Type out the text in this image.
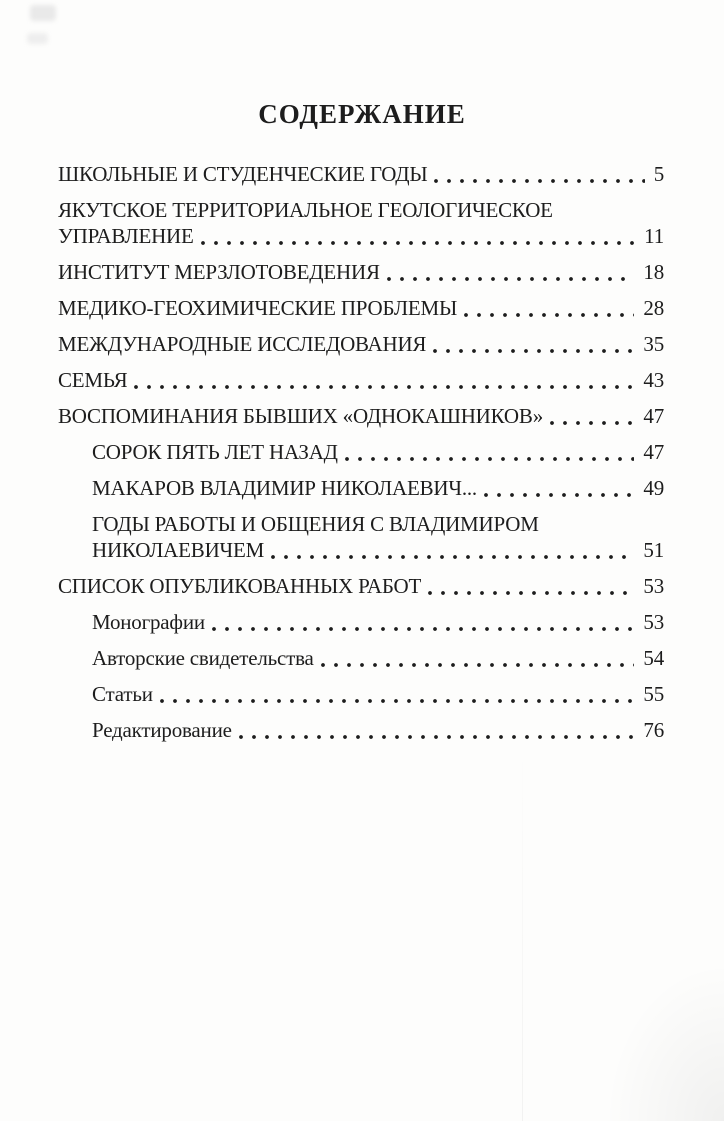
СОДЕРЖАНИЕ
ШКОЛЬНЫЕ И СТУДЕНЧЕСКИЕ ГОДЫ	5
ЯКУТСКОЕ ТЕРРИТОРИАЛЬНОЕ ГЕОЛОГИЧЕСКОЕ
УПРАВЛЕНИЕ	11
ИНСТИТУТ МЕРЗЛОТОВЕДЕНИЯ	18
МЕДИКО-ГЕОХИМИЧЕСКИЕ ПРОБЛЕМЫ	28
МЕЖДУНАРОДНЫЕ ИССЛЕДОВАНИЯ	35
СЕМЬЯ	43
ВОСПОМИНАНИЯ БЫВШИХ «ОДНОКАШНИКОВ»	47
СОРОК ПЯТЬ ЛЕТ НАЗАД	47
МАКАРОВ ВЛАДИМИР НИКОЛАЕВИЧ...	49
ГОДЫ РАБОТЫ И ОБЩЕНИЯ С ВЛАДИМИРОМ
НИКОЛАЕВИЧЕМ	51
СПИСОК ОПУБЛИКОВАННЫХ РАБОТ	53
Монографии	53
Авторские свидетельства	54
Статьи	55
Редактирование	76
